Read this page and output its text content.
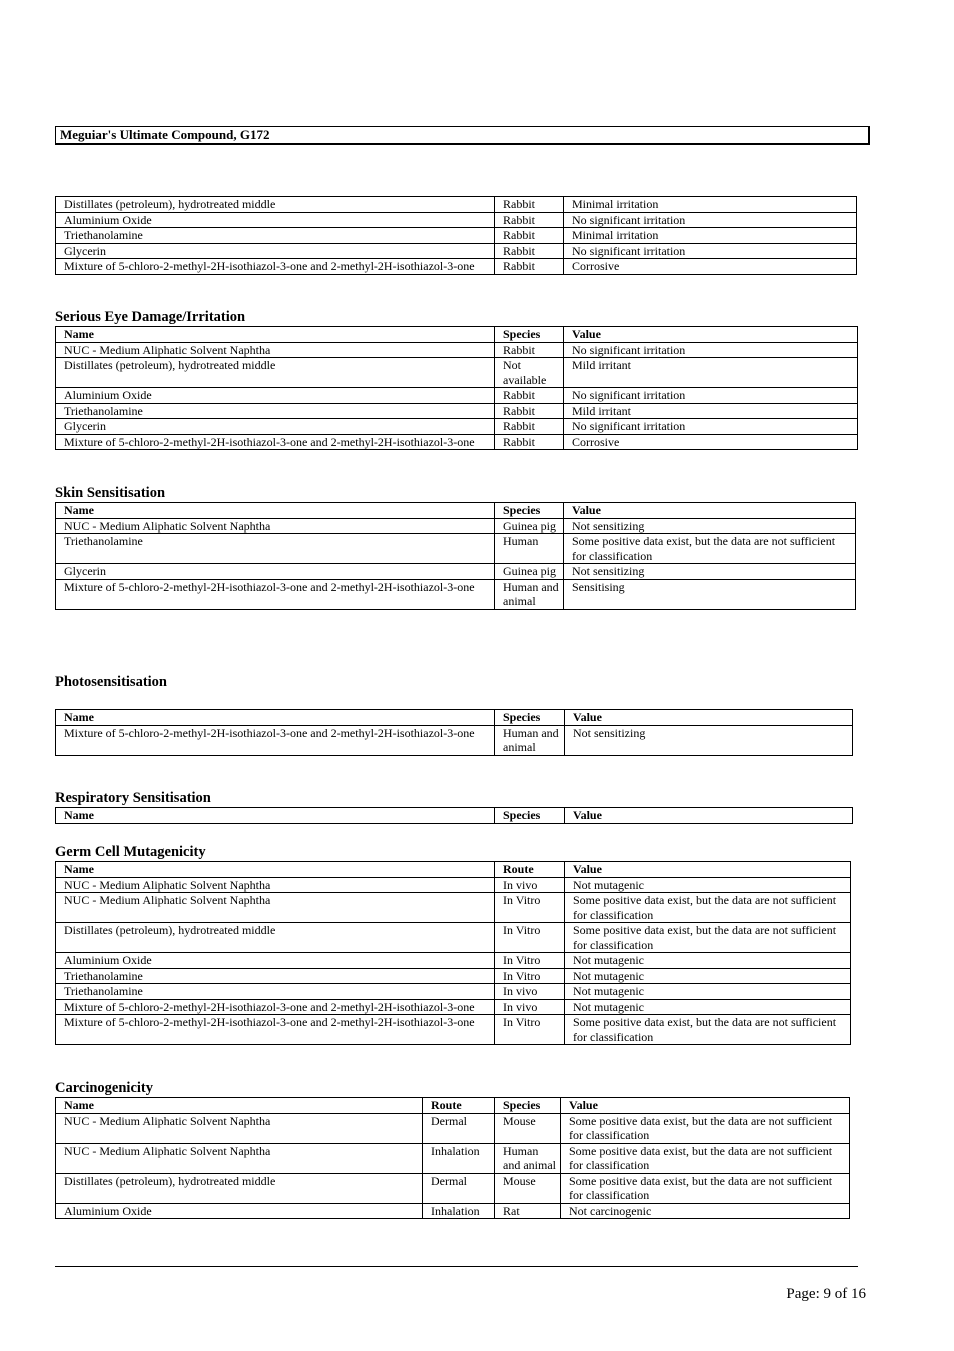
Meguiar's Ultimate Compound, G172
Distillates (petroleum), hydrotreated middle	Rabbit	Minimal irritation
Aluminium Oxide	Rabbit	No significant irritation
Triethanolamine	Rabbit	Minimal irritation
Glycerin	Rabbit	No significant irritation
Mixture of 5-chloro-2-methyl-2H-isothiazol-3-one and 2-methyl-2H-isothiazol-3-one	Rabbit	Corrosive
Serious Eye Damage/Irritation
Name	Species	Value
NUC - Medium Aliphatic Solvent Naphtha	Rabbit	No significant irritation
Distillates (petroleum), hydrotreated middle	Not available	Mild irritant
Aluminium Oxide	Rabbit	No significant irritation
Triethanolamine	Rabbit	Mild irritant
Glycerin	Rabbit	No significant irritation
Mixture of 5-chloro-2-methyl-2H-isothiazol-3-one and 2-methyl-2H-isothiazol-3-one	Rabbit	Corrosive
Skin Sensitisation
Name	Species	Value
NUC - Medium Aliphatic Solvent Naphtha	Guinea pig	Not sensitizing
Triethanolamine	Human	Some positive data exist, but the data are not sufficient for classification
Glycerin	Guinea pig	Not sensitizing
Mixture of 5-chloro-2-methyl-2H-isothiazol-3-one and 2-methyl-2H-isothiazol-3-one	Human and animal	Sensitising
Photosensitisation
Name	Species	Value
Mixture of 5-chloro-2-methyl-2H-isothiazol-3-one and 2-methyl-2H-isothiazol-3-one	Human and animal	Not sensitizing
Respiratory Sensitisation
Name	Species	Value
Germ Cell Mutagenicity
Name	Route	Value
NUC - Medium Aliphatic Solvent Naphtha	In vivo	Not mutagenic
NUC - Medium Aliphatic Solvent Naphtha	In Vitro	Some positive data exist, but the data are not sufficient for classification
Distillates (petroleum), hydrotreated middle	In Vitro	Some positive data exist, but the data are not sufficient for classification
Aluminium Oxide	In Vitro	Not mutagenic
Triethanolamine	In Vitro	Not mutagenic
Triethanolamine	In vivo	Not mutagenic
Mixture of 5-chloro-2-methyl-2H-isothiazol-3-one and 2-methyl-2H-isothiazol-3-one	In vivo	Not mutagenic
Mixture of 5-chloro-2-methyl-2H-isothiazol-3-one and 2-methyl-2H-isothiazol-3-one	In Vitro	Some positive data exist, but the data are not sufficient for classification
Carcinogenicity
Name	Route	Species	Value
NUC - Medium Aliphatic Solvent Naphtha	Dermal	Mouse	Some positive data exist, but the data are not sufficient for classification
NUC - Medium Aliphatic Solvent Naphtha	Inhalation	Human and animal	Some positive data exist, but the data are not sufficient for classification
Distillates (petroleum), hydrotreated middle	Dermal	Mouse	Some positive data exist, but the data are not sufficient for classification
Aluminium Oxide	Inhalation	Rat	Not carcinogenic
Page: 9 of 16
